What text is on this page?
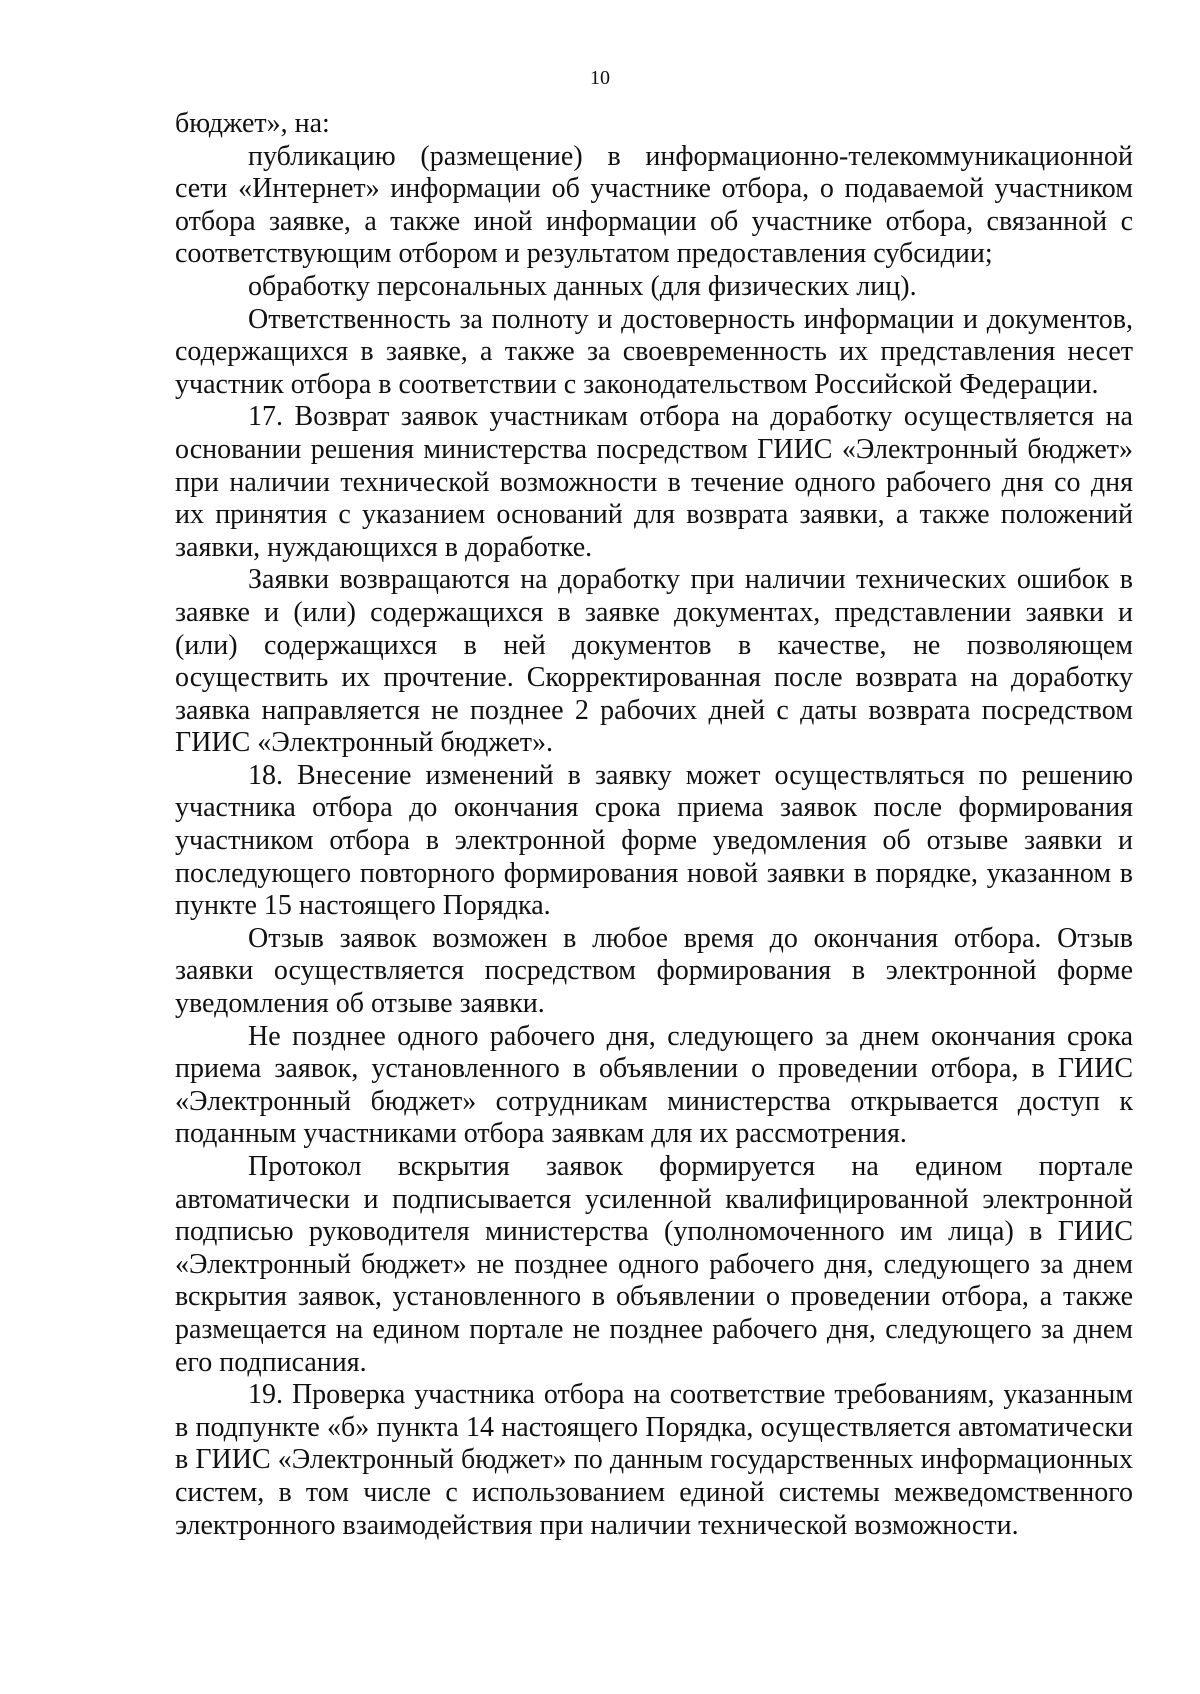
10

бюджет», на:

публикацию (размещение) в информационно-телекоммуникационной сети «Интернет» информации об участнике отбора, о подаваемой участником отбора заявке, а также иной информации об участнике отбора, связанной с соответствующим отбором и результатом предоставления субсидии;

обработку персональных данных (для физических лиц).

Ответственность за полноту и достоверность информации и документов, содержащихся в заявке, а также за своевременность их представления несет участник отбора в соответствии с законодательством Российской Федерации.

17. Возврат заявок участникам отбора на доработку осуществляется на основании решения министерства посредством ГИИС «Электронный бюджет» при наличии технической возможности в течение одного рабочего дня со дня их принятия с указанием оснований для возврата заявки, а также положений заявки, нуждающихся в доработке.

Заявки возвращаются на доработку при наличии технических ошибок в заявке и (или) содержащихся в заявке документах, представлении заявки и (или) содержащихся в ней документов в качестве, не позволяющем осуществить их прочтение. Скорректированная после возврата на доработку заявка направляется не позднее 2 рабочих дней с даты возврата посредством ГИИС «Электронный бюджет».

18. Внесение изменений в заявку может осуществляться по решению участника отбора до окончания срока приема заявок после формирования участником отбора в электронной форме уведомления об отзыве заявки и последующего повторного формирования новой заявки в порядке, указанном в пункте 15 настоящего Порядка.

Отзыв заявок возможен в любое время до окончания отбора. Отзыв заявки осуществляется посредством формирования в электронной форме уведомления об отзыве заявки.

Не позднее одного рабочего дня, следующего за днем окончания срока приема заявок, установленного в объявлении о проведении отбора, в ГИИС «Электронный бюджет» сотрудникам министерства открывается доступ к поданным участниками отбора заявкам для их рассмотрения.

Протокол вскрытия заявок формируется на едином портале автоматически и подписывается усиленной квалифицированной электронной подписью руководителя министерства (уполномоченного им лица) в ГИИС «Электронный бюджет» не позднее одного рабочего дня, следующего за днем вскрытия заявок, установленного в объявлении о проведении отбора, а также размещается на едином портале не позднее рабочего дня, следующего за днем его подписания.

19. Проверка участника отбора на соответствие требованиям, указанным в подпункте «б» пункта 14 настоящего Порядка, осуществляется автоматически в ГИИС «Электронный бюджет» по данным государственных информационных систем, в том числе с использованием единой системы межведомственного электронного взаимодействия при наличии технической возможности.
